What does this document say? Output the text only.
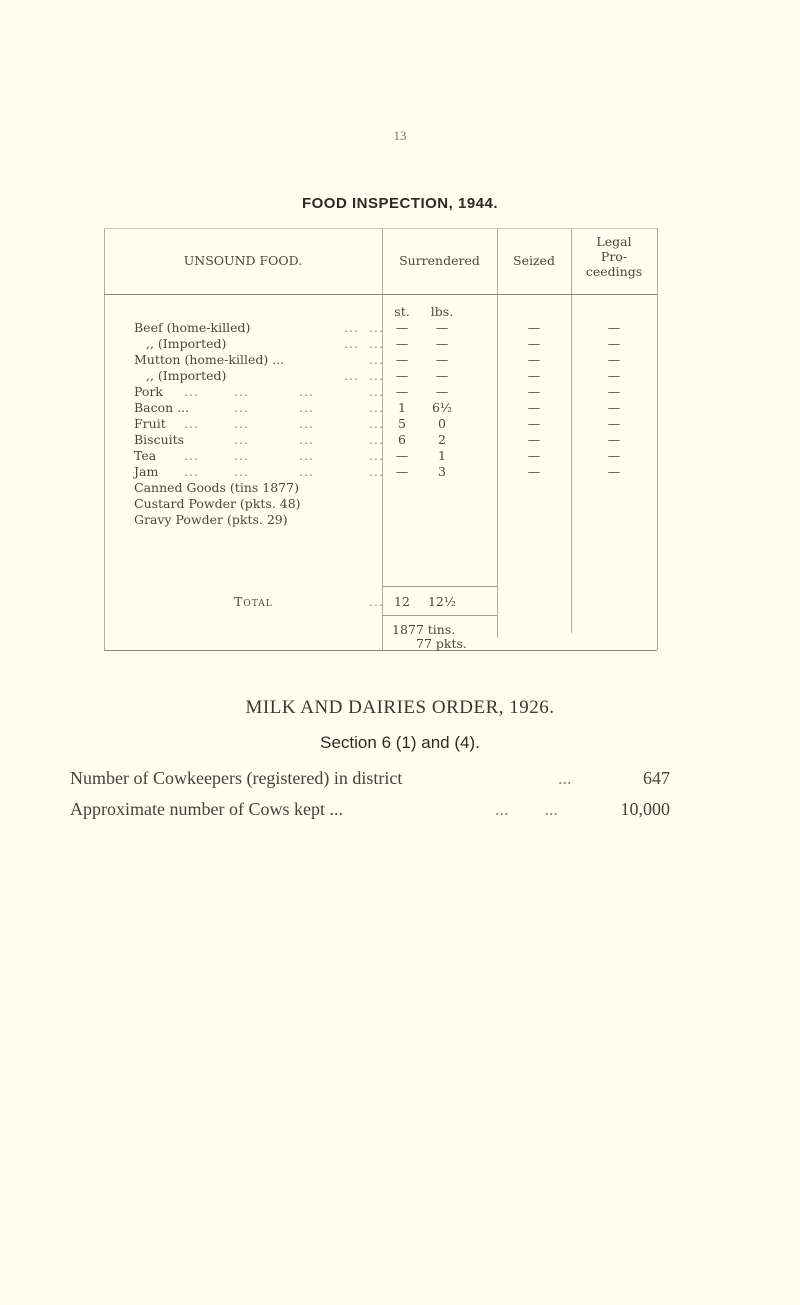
13
FOOD INSPECTION, 1944.
UNSOUND FOOD.	Surrendered	Seized
Legal
Pro-
ceedings
st.	lbs.
Beef (home-killed)	... ... —	—	—	—
,, (Imported)	... ... —	—	—	—
Mutton (home-killed) ...	... —	—	—	—
,, (Imported)	... ... —	—	—	—
Pork ...	...	...	... —	—	—	—
Bacon ...	...	...	...	1	6½	—	—
Fruit ...	...	...	...	5	0	—	—
Biscuits	...	...	...	6	2	—	—
Tea ...	...	...	... —	1	—	—
Jam ...	...	...	... —	3	—	—
Canned Goods (tins 1877)
Custard Powder (pkts. 48)
Gravy Powder (pkts. 29)
Total	... 12	12½
1877 tins.
77 pkts.
MILK AND DAIRIES ORDER, 1926.
Section 6 (1) and (4).
Number of Cowkeepers (registered) in district	...	647
Approximate number of Cows kept ...	...        ...	10,000
